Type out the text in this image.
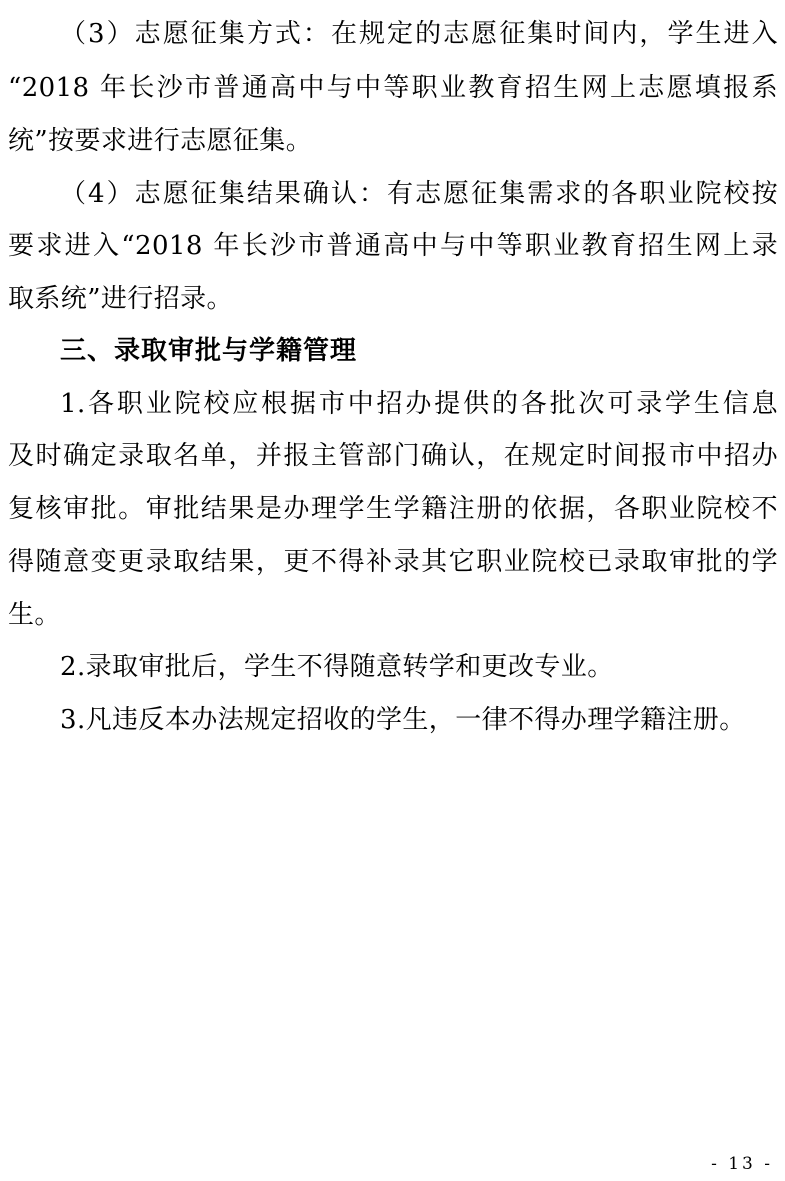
（3）志愿征集方式：在规定的志愿征集时间内，学生进入
“2018 年长沙市普通高中与中等职业教育招生网上志愿填报系
统”按要求进行志愿征集。
（4）志愿征集结果确认：有志愿征集需求的各职业院校按
要求进入“2018 年长沙市普通高中与中等职业教育招生网上录
取系统”进行招录。
三、录取审批与学籍管理
1.各职业院校应根据市中招办提供的各批次可录学生信息
及时确定录取名单，并报主管部门确认，在规定时间报市中招办
复核审批。审批结果是办理学生学籍注册的依据，各职业院校不
得随意变更录取结果，更不得补录其它职业院校已录取审批的学
生。
2.录取审批后，学生不得随意转学和更改专业。
3.凡违反本办法规定招收的学生，一律不得办理学籍注册。
- 13 -
